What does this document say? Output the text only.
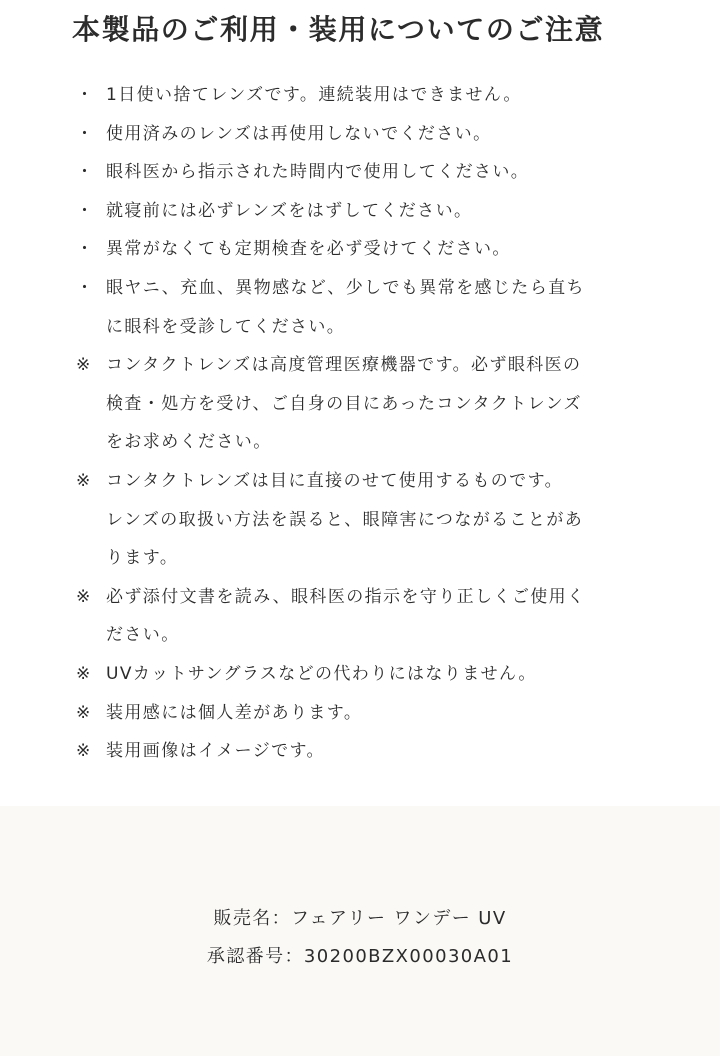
本製品のご利用・装用についてのご注意
・ 1日使い捨てレンズです。連続装用はできません。
・ 使用済みのレンズは再使用しないでください。
・ 眼科医から指示された時間内で使用してください。
・ 就寝前には必ずレンズをはずしてください。
・ 異常がなくても定期検査を必ず受けてください。
・ 眼ヤニ、充血、異物感など、少しでも異常を感じたら直ち
に眼科を受診してください。
※ コンタクトレンズは高度管理医療機器です。必ず眼科医の
検査・処方を受け、ご自身の目にあったコンタクトレンズ
をお求めください。
※ コンタクトレンズは目に直接のせて使用するものです。
レンズの取扱い方法を誤ると、眼障害につながることがあ
ります。
※ 必ず添付文書を読み、眼科医の指示を守り正しくご使用く
ださい。
※ UVカットサングラスなどの代わりにはなりません。
※ 装用感には個人差があります。
※ 装用画像はイメージです。

販売名：フェアリー ワンデー UV

承認番号：30200BZX00030A01
